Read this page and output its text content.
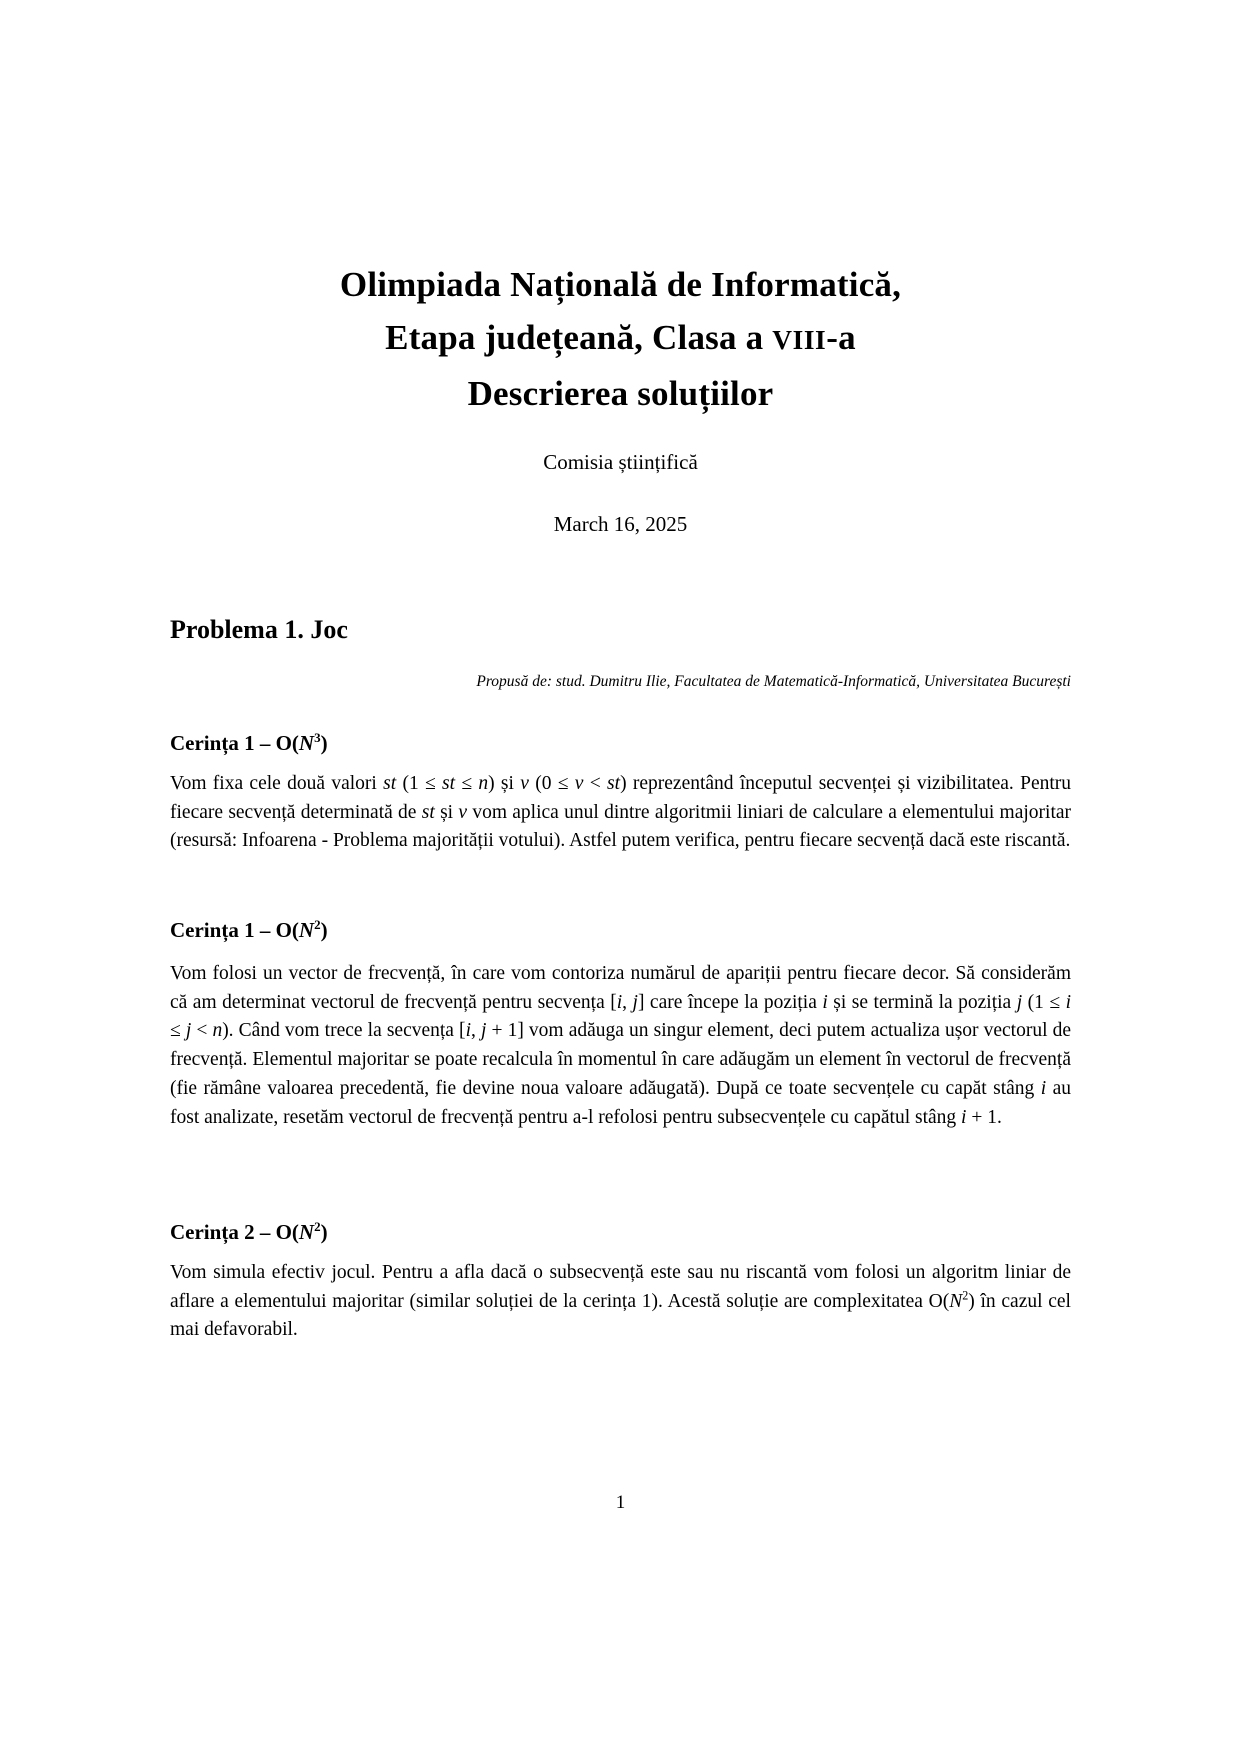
Olimpiada Națională de Informatică,
Etapa județeană, Clasa a VIII-a
Descrierea soluțiilor
Comisia științifică
March 16, 2025
Problema 1. Joc
Propusă de: stud. Dumitru Ilie, Facultatea de Matematică-Informatică, Universitatea București
Cerința $1 - O(N^3)$
Vom fixa cele două valori st (1 ≤ st ≤ n) și v (0 ≤ v < st) reprezentând începutul secvenței și vizibilitatea. Pentru fiecare secvență determinată de st și v vom aplica unul dintre algoritmii liniari de calculare a elementului majoritar (resursă: Infoarena - Problema majorității votului). Astfel putem verifica, pentru fiecare secvență dacă este riscantă.
Cerința $1 - O(N^2)$
Vom folosi un vector de frecvență, în care vom contoriza numărul de apariții pentru fiecare decor. Să considerăm că am determinat vectorul de frecvență pentru secvența [i, j] care începe la poziția i și se termină la poziția j (1 ≤ i ≤ j < n). Când vom trece la secvența [i, j + 1] vom adăuga un singur element, deci putem actualiza ușor vectorul de frecvență. Elementul majoritar se poate recalcula în momentul în care adăugăm un element în vectorul de frecvență (fie rămâne valoarea precedentă, fie devine noua valoare adăugată). După ce toate secvențele cu capăt stâng i au fost analizate, resetăm vectorul de frecvență pentru a-l refolosi pentru subsecvențele cu capătul stâng i + 1.
Cerința $2 - O(N^2)$
Vom simula efectiv jocul. Pentru a afla dacă o subsecvență este sau nu riscantă vom folosi un algoritm liniar de aflare a elementului majoritar (similar soluției de la cerința 1). Acestă soluție are complexitatea $O(N^2)$ în cazul cel mai defavorabil.
1
